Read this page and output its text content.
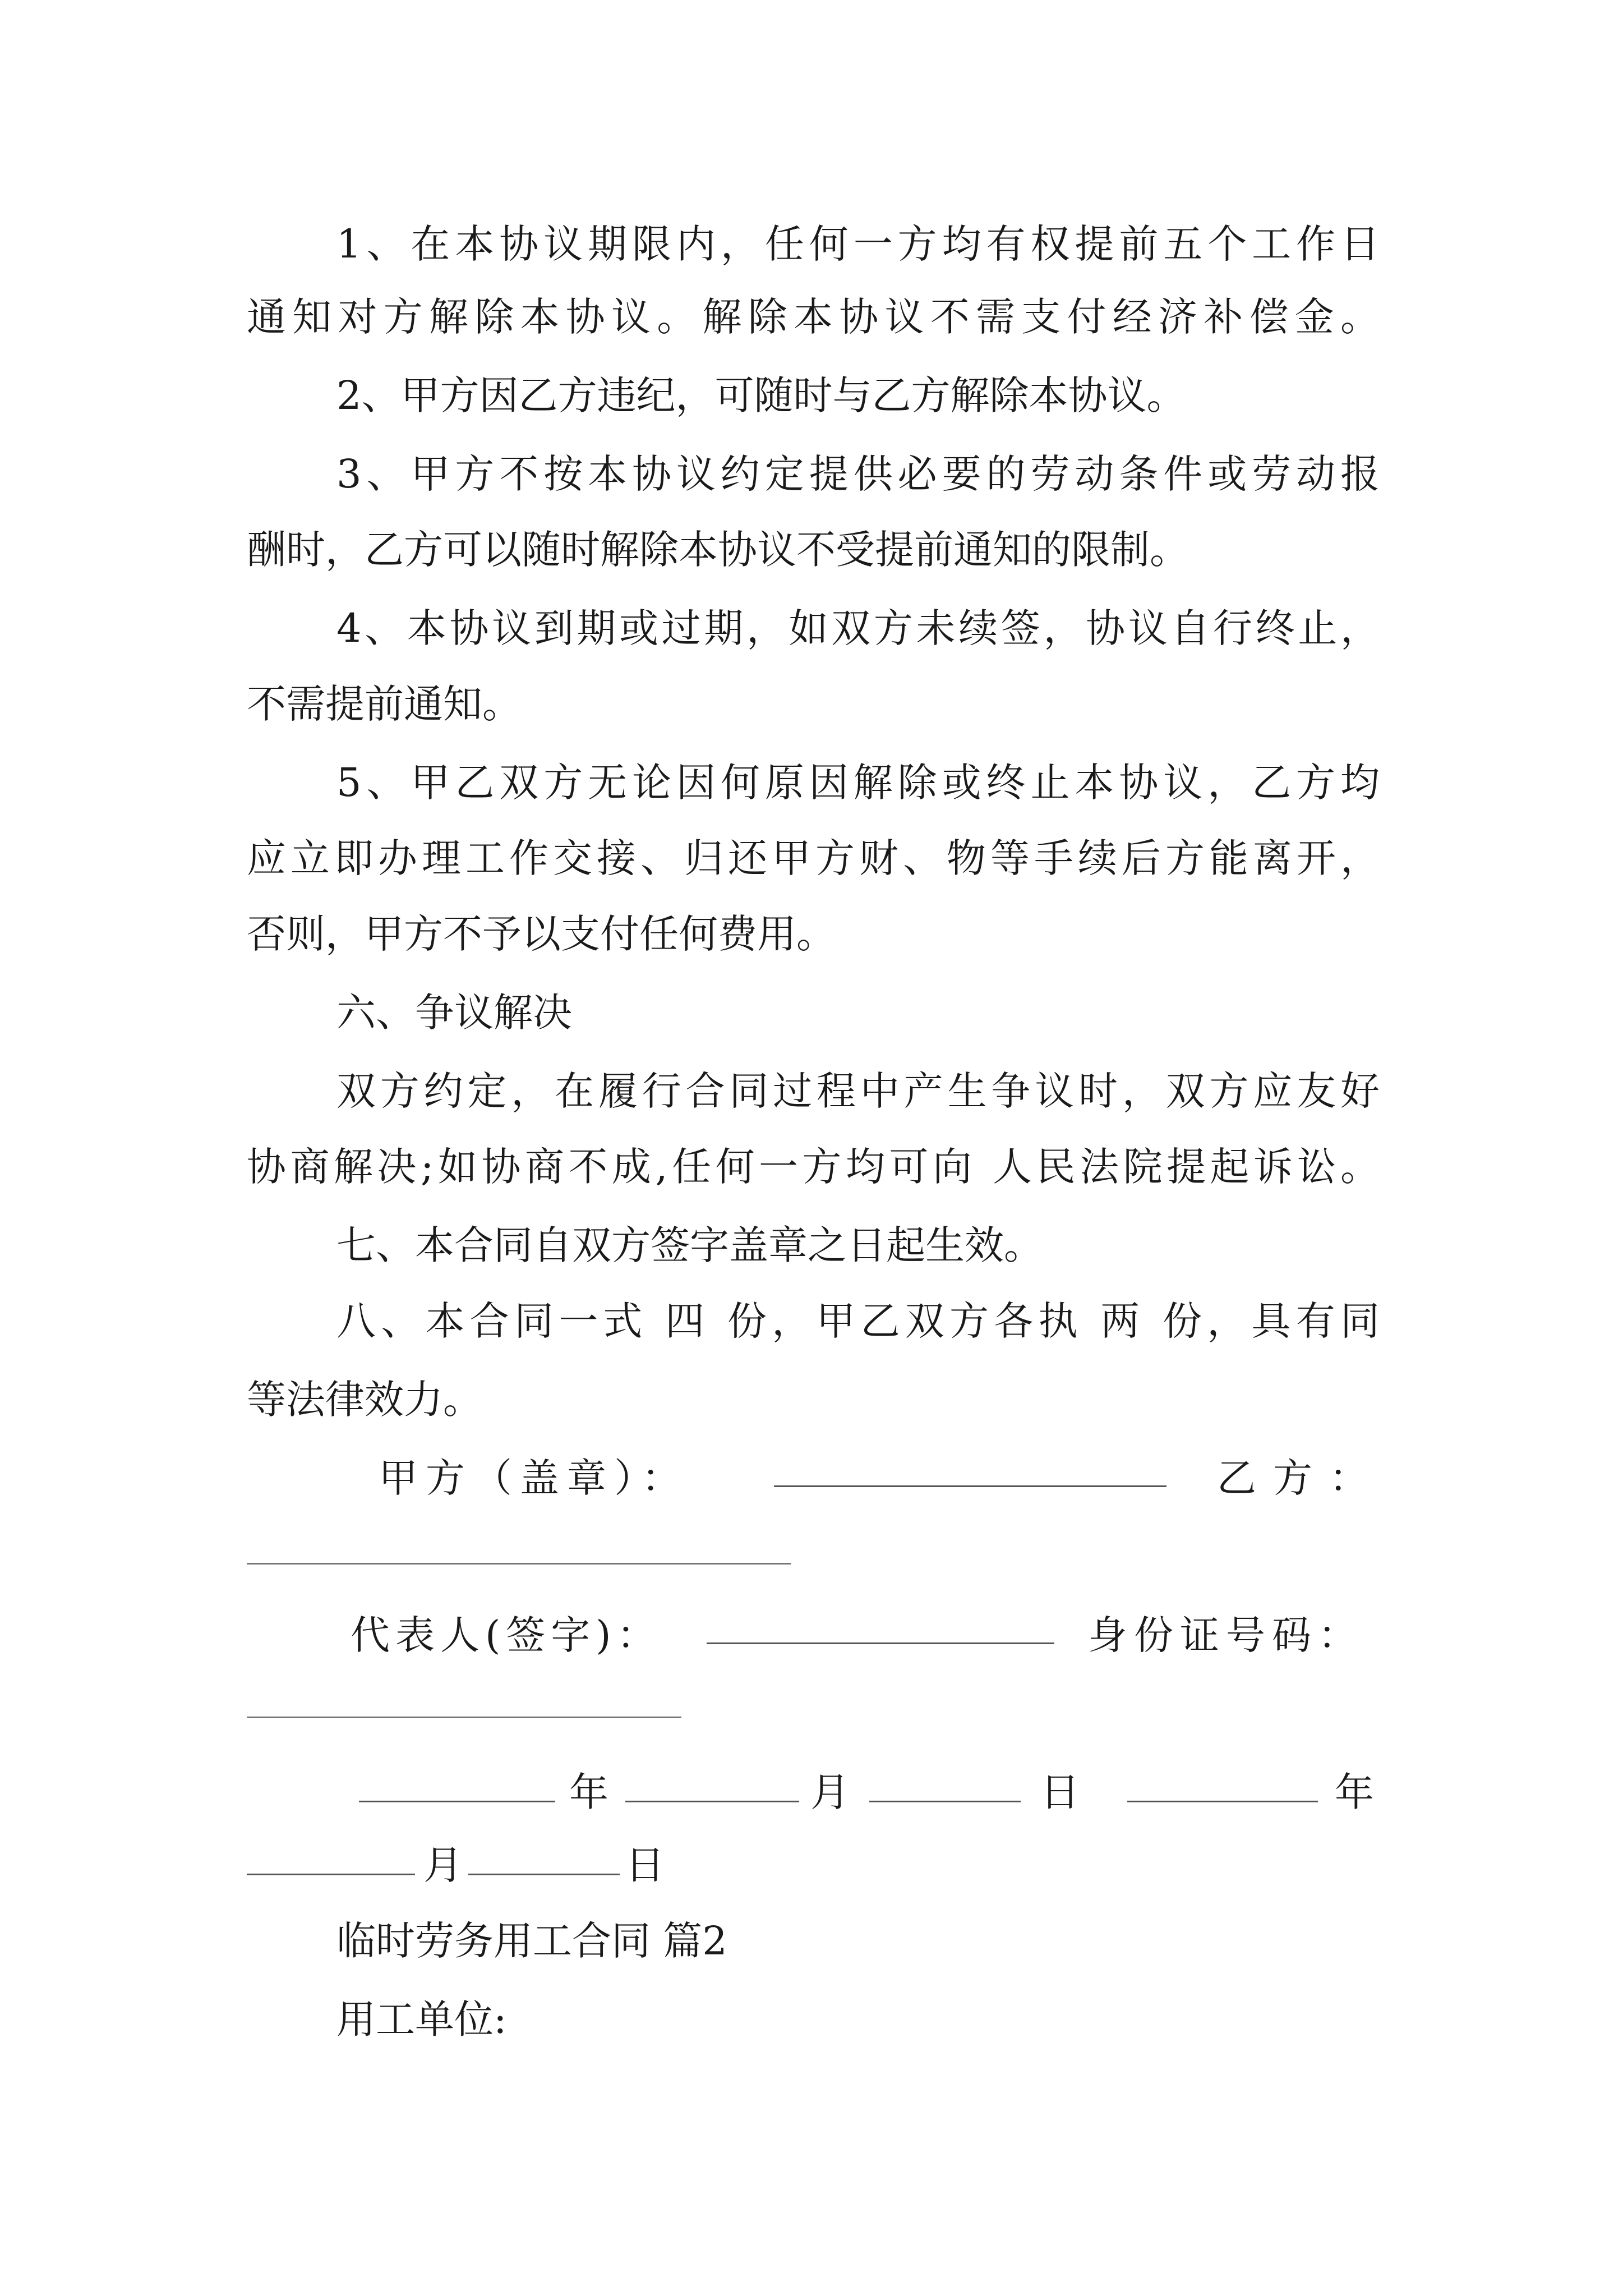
1、在本协议期限内，任何一方均有权提前五个工作日
通知对方解除本协议。解除本协议不需支付经济补偿金。
2、甲方因乙方违纪，可随时与乙方解除本协议。
3、甲方不按本协议约定提供必要的劳动条件或劳动报
酬时，乙方可以随时解除本协议不受提前通知的限制。
4、本协议到期或过期，如双方未续签，协议自行终止，
不需提前通知。
5、甲乙双方无论因何原因解除或终止本协议，乙方均
应立即办理工作交接、归还甲方财、物等手续后方能离开，
否则，甲方不予以支付任何费用。
六、争议解决
双方约定，在履行合同过程中产生争议时，双方应友好
协商解决;如协商不成,任何一方均可向 人民法院提起诉讼。
七、本合同自双方签字盖章之日起生效。
八、本合同一式 四 份，甲乙双方各执 两 份，具有同
等法律效力。
甲方（盖章）：	乙方：
代表人(签字)：	身份证号码：
年	月	日	年
月	日
临时劳务用工合同 篇2
用工单位:
